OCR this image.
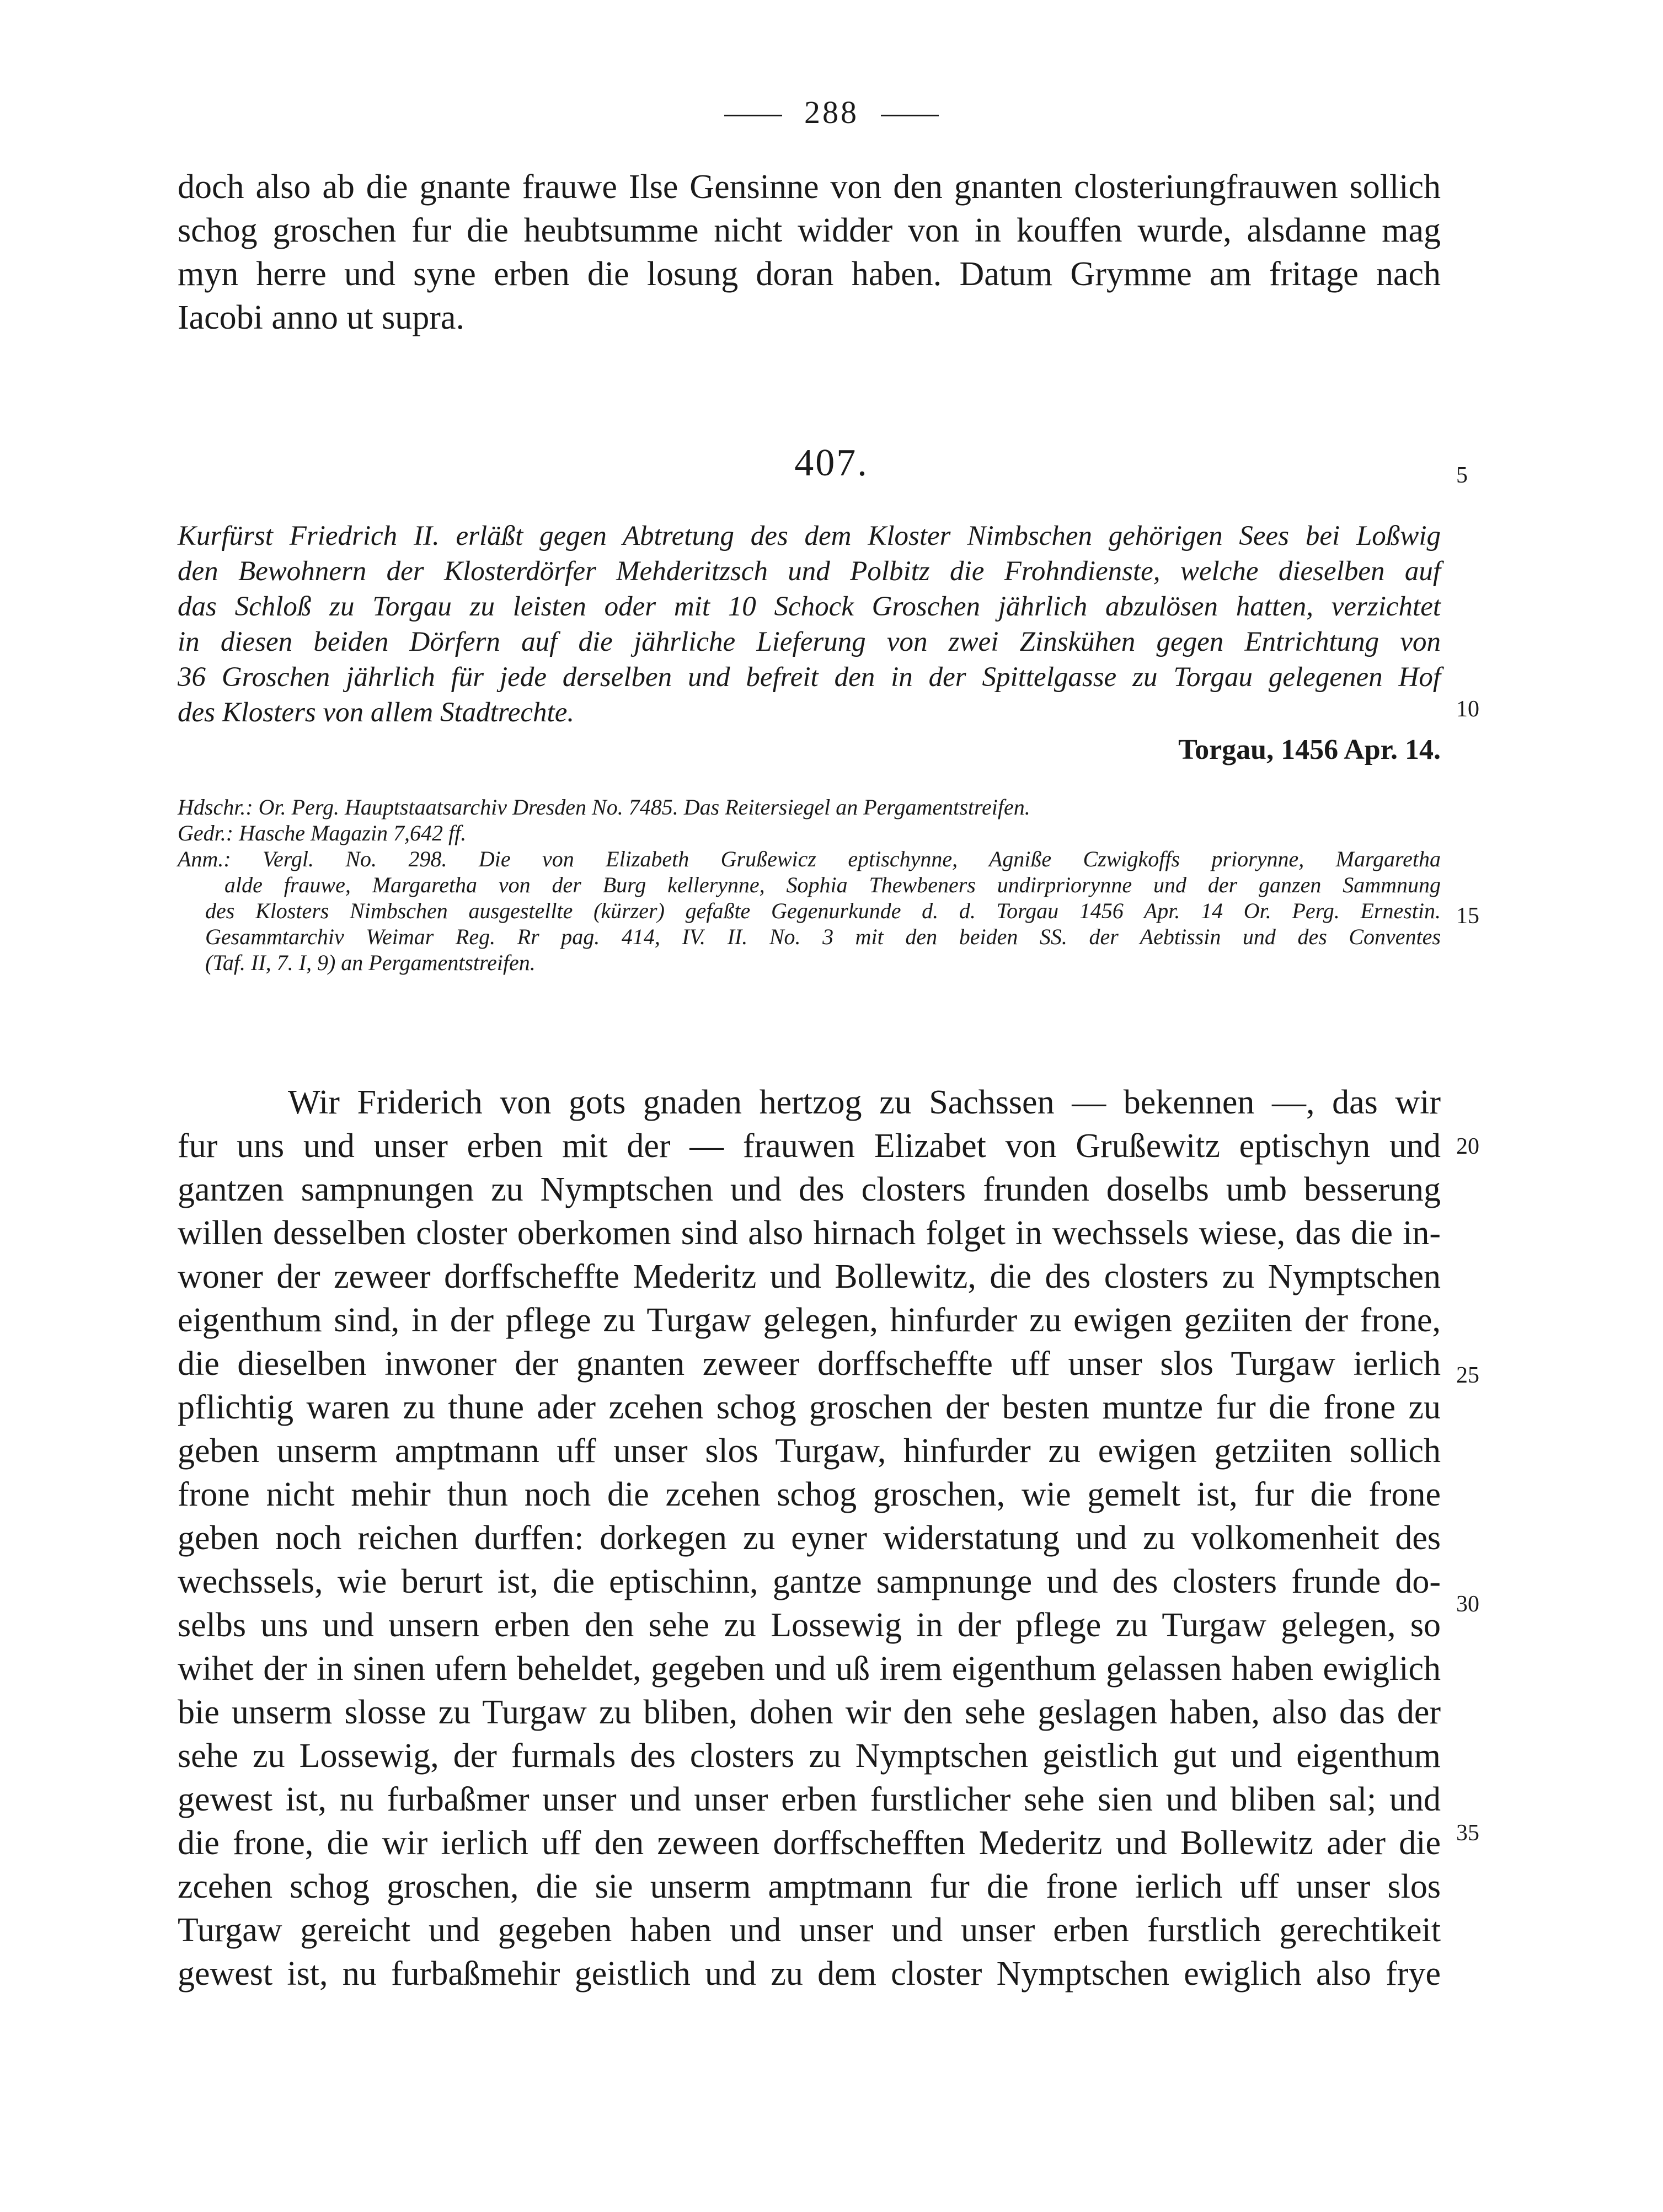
288
doch also ab die gnante frauwe Ilse Gensinne von den gnanten closteriungfrauwen sollich
schog groschen fur die heubtsumme nicht widder von in kouffen wurde, alsdanne mag
myn herre und syne erben die losung doran haben. Datum Grymme am fritage nach
Iacobi anno ut supra.
407.
Kurfürst Friedrich II. erläßt gegen Abtretung des dem Kloster Nimbschen gehörigen Sees bei Loßwig
den Bewohnern der Klosterdörfer Mehderitzsch und Polbitz die Frohndienste, welche dieselben auf
das Schloß zu Torgau zu leisten oder mit 10 Schock Groschen jährlich abzulösen hatten, verzichtet
in diesen beiden Dörfern auf die jährliche Lieferung von zwei Zinskühen gegen Entrichtung von
36 Groschen jährlich für jede derselben und befreit den in der Spittelgasse zu Torgau gelegenen Hof
des Klosters von allem Stadtrechte.
Torgau, 1456 Apr. 14.
Hdschr.: Or. Perg. Hauptstaatsarchiv Dresden No. 7485. Das Reitersiegel an Pergamentstreifen.
Gedr.: Hasche Magazin 7,642 ff.
Anm.: Vergl. No. 298. Die von Elizabeth Grußewicz eptischynne, Agniße Czwigkoffs priorynne, Margaretha
alde frauwe, Margaretha von der Burg kellerynne, Sophia Thewbeners undirpriorynne und der ganzen Sammnung
des Klosters Nimbschen ausgestellte (kürzer) gefaßte Gegenurkunde d. d. Torgau 1456 Apr. 14 Or. Perg. Ernestin.
Gesammtarchiv Weimar Reg. Rr pag. 414, IV. II. No. 3 mit den beiden SS. der Aebtissin und des Conventes
(Taf. II, 7. I, 9) an Pergamentstreifen.
Wir Friderich von gots gnaden hertzog zu Sachssen — bekennen —, das wir
fur uns und unser erben mit der — frauwen Elizabet von Grußewitz eptischyn und
gantzen sampnungen zu Nymptschen und des closters frunden doselbs umb besserung
willen desselben closter oberkomen sind also hirnach folget in wechssels wiese, das die in-
woner der zeweer dorffscheffte Mederitz und Bollewitz, die des closters zu Nymptschen
eigenthum sind, in der pflege zu Turgaw gelegen, hinfurder zu ewigen geziiten der frone,
die dieselben inwoner der gnanten zeweer dorffscheffte uff unser slos Turgaw ierlich
pflichtig waren zu thune ader zcehen schog groschen der besten muntze fur die frone zu
geben unserm amptmann uff unser slos Turgaw, hinfurder zu ewigen getziiten sollich
frone nicht mehir thun noch die zcehen schog groschen, wie gemelt ist, fur die frone
geben noch reichen durffen: dorkegen zu eyner widerstatung und zu volkomenheit des
wechssels, wie berurt ist, die eptischinn, gantze sampnunge und des closters frunde do-
selbs uns und unsern erben den sehe zu Lossewig in der pflege zu Turgaw gelegen, so
wihet der in sinen ufern beheldet, gegeben und uß irem eigenthum gelassen haben ewiglich
bie unserm slosse zu Turgaw zu bliben, dohen wir den sehe geslagen haben, also das der
sehe zu Lossewig, der furmals des closters zu Nymptschen geistlich gut und eigenthum
gewest ist, nu furbaßmer unser und unser erben furstlicher sehe sien und bliben sal; und
die frone, die wir ierlich uff den zeween dorffschefften Mederitz und Bollewitz ader die
zcehen schog groschen, die sie unserm amptmann fur die frone ierlich uff unser slos
Turgaw gereicht und gegeben haben und unser und unser erben furstlich gerechtikeit
gewest ist, nu furbaßmehir geistlich und zu dem closter Nymptschen ewiglich also frye
5
10
15
20
25
30
35
